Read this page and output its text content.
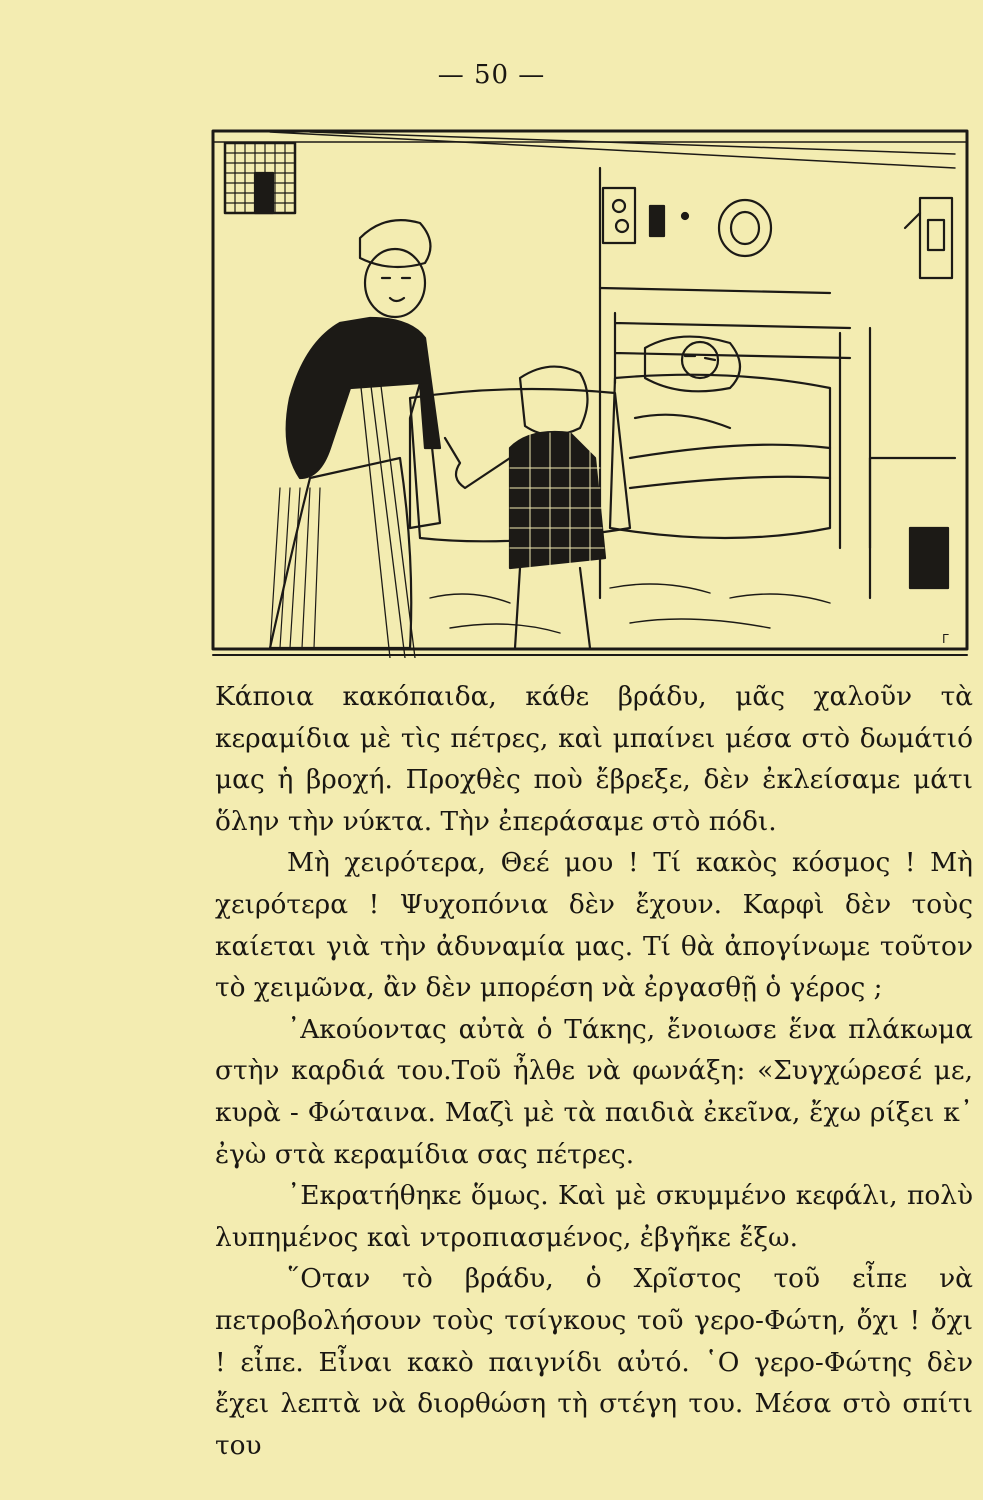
— 50 —
Γ

Κάποια κακόπαιδα, κάθε βράδυ, μᾶς χαλοῦν τὰ κεραμίδια μὲ τὶς πέτρες, καὶ μπαίνει μέσα στὸ δωμάτιό μας ἡ βροχή. Προχθὲς ποὺ ἔβρεξε, δὲν ἐκλείσαμε μάτι ὅλην τὴν νύκτα. Τὴν ἐπεράσαμε στὸ πόδι.

Μὴ χειρότερα, Θεέ μου ! Τί κακὸς κόσμος ! Μὴ χειρότερα ! Ψυχοπόνια δὲν ἔχουν. Καρφὶ δὲν τοὺς καίεται γιὰ τὴν ἀδυναμία μας. Τί θὰ ἀπογίνωμε τοῦτον τὸ χειμῶνα, ἂν δὲν μπορέση νὰ ἐργασθῇ ὁ γέρος ;

᾿Ακούοντας αὐτὰ ὁ Τάκης, ἔνοιωσε ἕνα πλάκωμα στὴν καρδιά του.Τοῦ ἦλθε νὰ φωνάξη: «Συγχώρεσέ με, κυρὰ - Φώταινα. Μαζὶ μὲ τὰ παιδιὰ ἐκεῖνα, ἔχω ρίξει κ᾿ ἐγὼ στὰ κεραμίδια σας πέτρες.

᾿Εκρατήθηκε ὅμως. Καὶ μὲ σκυμμένο κεφάλι, πολὺ λυπημένος καὶ ντροπιασμένος, ἐβγῆκε ἔξω.

῞Οταν τὸ βράδυ, ὁ Χρῖστος τοῦ εἶπε νὰ πετροβολήσουν τοὺς τσίγκους τοῦ γερο-Φώτη, ὄχι ! ὄχι ! εἶπε. Εἶναι κακὸ παιγνίδι αὐτό. ῾Ο γερο-Φώτης δὲν ἔχει λεπτὰ νὰ διορθώση τὴ στέγη του. Μέσα στὸ σπίτι του
